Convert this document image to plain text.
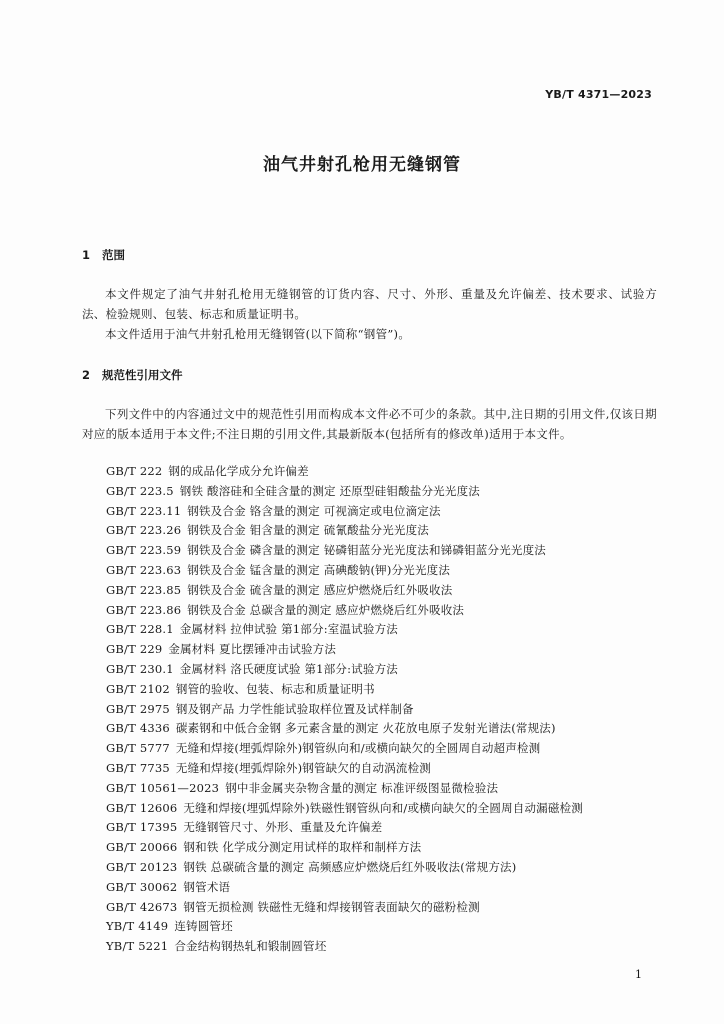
YB/T 4371—2023
油气井射孔枪用无缝钢管
1 范围

本文件规定了油气井射孔枪用无缝钢管的订货内容、尺寸、外形、重量及允许偏差、技术要求、试验方法、检验规则、包装、标志和质量证明书。

本文件适用于油气井射孔枪用无缝钢管(以下简称“钢管”)。

2 规范性引用文件

下列文件中的内容通过文中的规范性引用而构成本文件必不可少的条款。其中,注日期的引用文件,仅该日期对应的版本适用于本文件;不注日期的引用文件,其最新版本(包括所有的修改单)适用于本文件。

GB/T 222 钢的成品化学成分允许偏差
GB/T 223.5 钢铁 酸溶硅和全硅含量的测定 还原型硅钼酸盐分光光度法
GB/T 223.11 钢铁及合金 铬含量的测定 可视滴定或电位滴定法
GB/T 223.26 钢铁及合金 钼含量的测定 硫氰酸盐分光光度法
GB/T 223.59 钢铁及合金 磷含量的测定 铋磷钼蓝分光光度法和锑磷钼蓝分光光度法
GB/T 223.63 钢铁及合金 锰含量的测定 高碘酸钠(钾)分光光度法
GB/T 223.85 钢铁及合金 硫含量的测定 感应炉燃烧后红外吸收法
GB/T 223.86 钢铁及合金 总碳含量的测定 感应炉燃烧后红外吸收法
GB/T 228.1 金属材料 拉伸试验 第1部分:室温试验方法
GB/T 229 金属材料 夏比摆锤冲击试验方法
GB/T 230.1 金属材料 洛氏硬度试验 第1部分:试验方法
GB/T 2102 钢管的验收、包装、标志和质量证明书
GB/T 2975 钢及钢产品 力学性能试验取样位置及试样制备
GB/T 4336 碳素钢和中低合金钢 多元素含量的测定 火花放电原子发射光谱法(常规法)
GB/T 5777 无缝和焊接(埋弧焊除外)钢管纵向和/或横向缺欠的全圆周自动超声检测
GB/T 7735 无缝和焊接(埋弧焊除外)钢管缺欠的自动涡流检测
GB/T 10561—2023 钢中非金属夹杂物含量的测定 标准评级图显微检验法
GB/T 12606 无缝和焊接(埋弧焊除外)铁磁性钢管纵向和/或横向缺欠的全圆周自动漏磁检测
GB/T 17395 无缝钢管尺寸、外形、重量及允许偏差
GB/T 20066 钢和铁 化学成分测定用试样的取样和制样方法
GB/T 20123 钢铁 总碳硫含量的测定 高频感应炉燃烧后红外吸收法(常规方法)
GB/T 30062 钢管术语
GB/T 42673 钢管无损检测 铁磁性无缝和焊接钢管表面缺欠的磁粉检测
YB/T 4149 连铸圆管坯
YB/T 5221 合金结构钢热轧和锻制圆管坯
1
